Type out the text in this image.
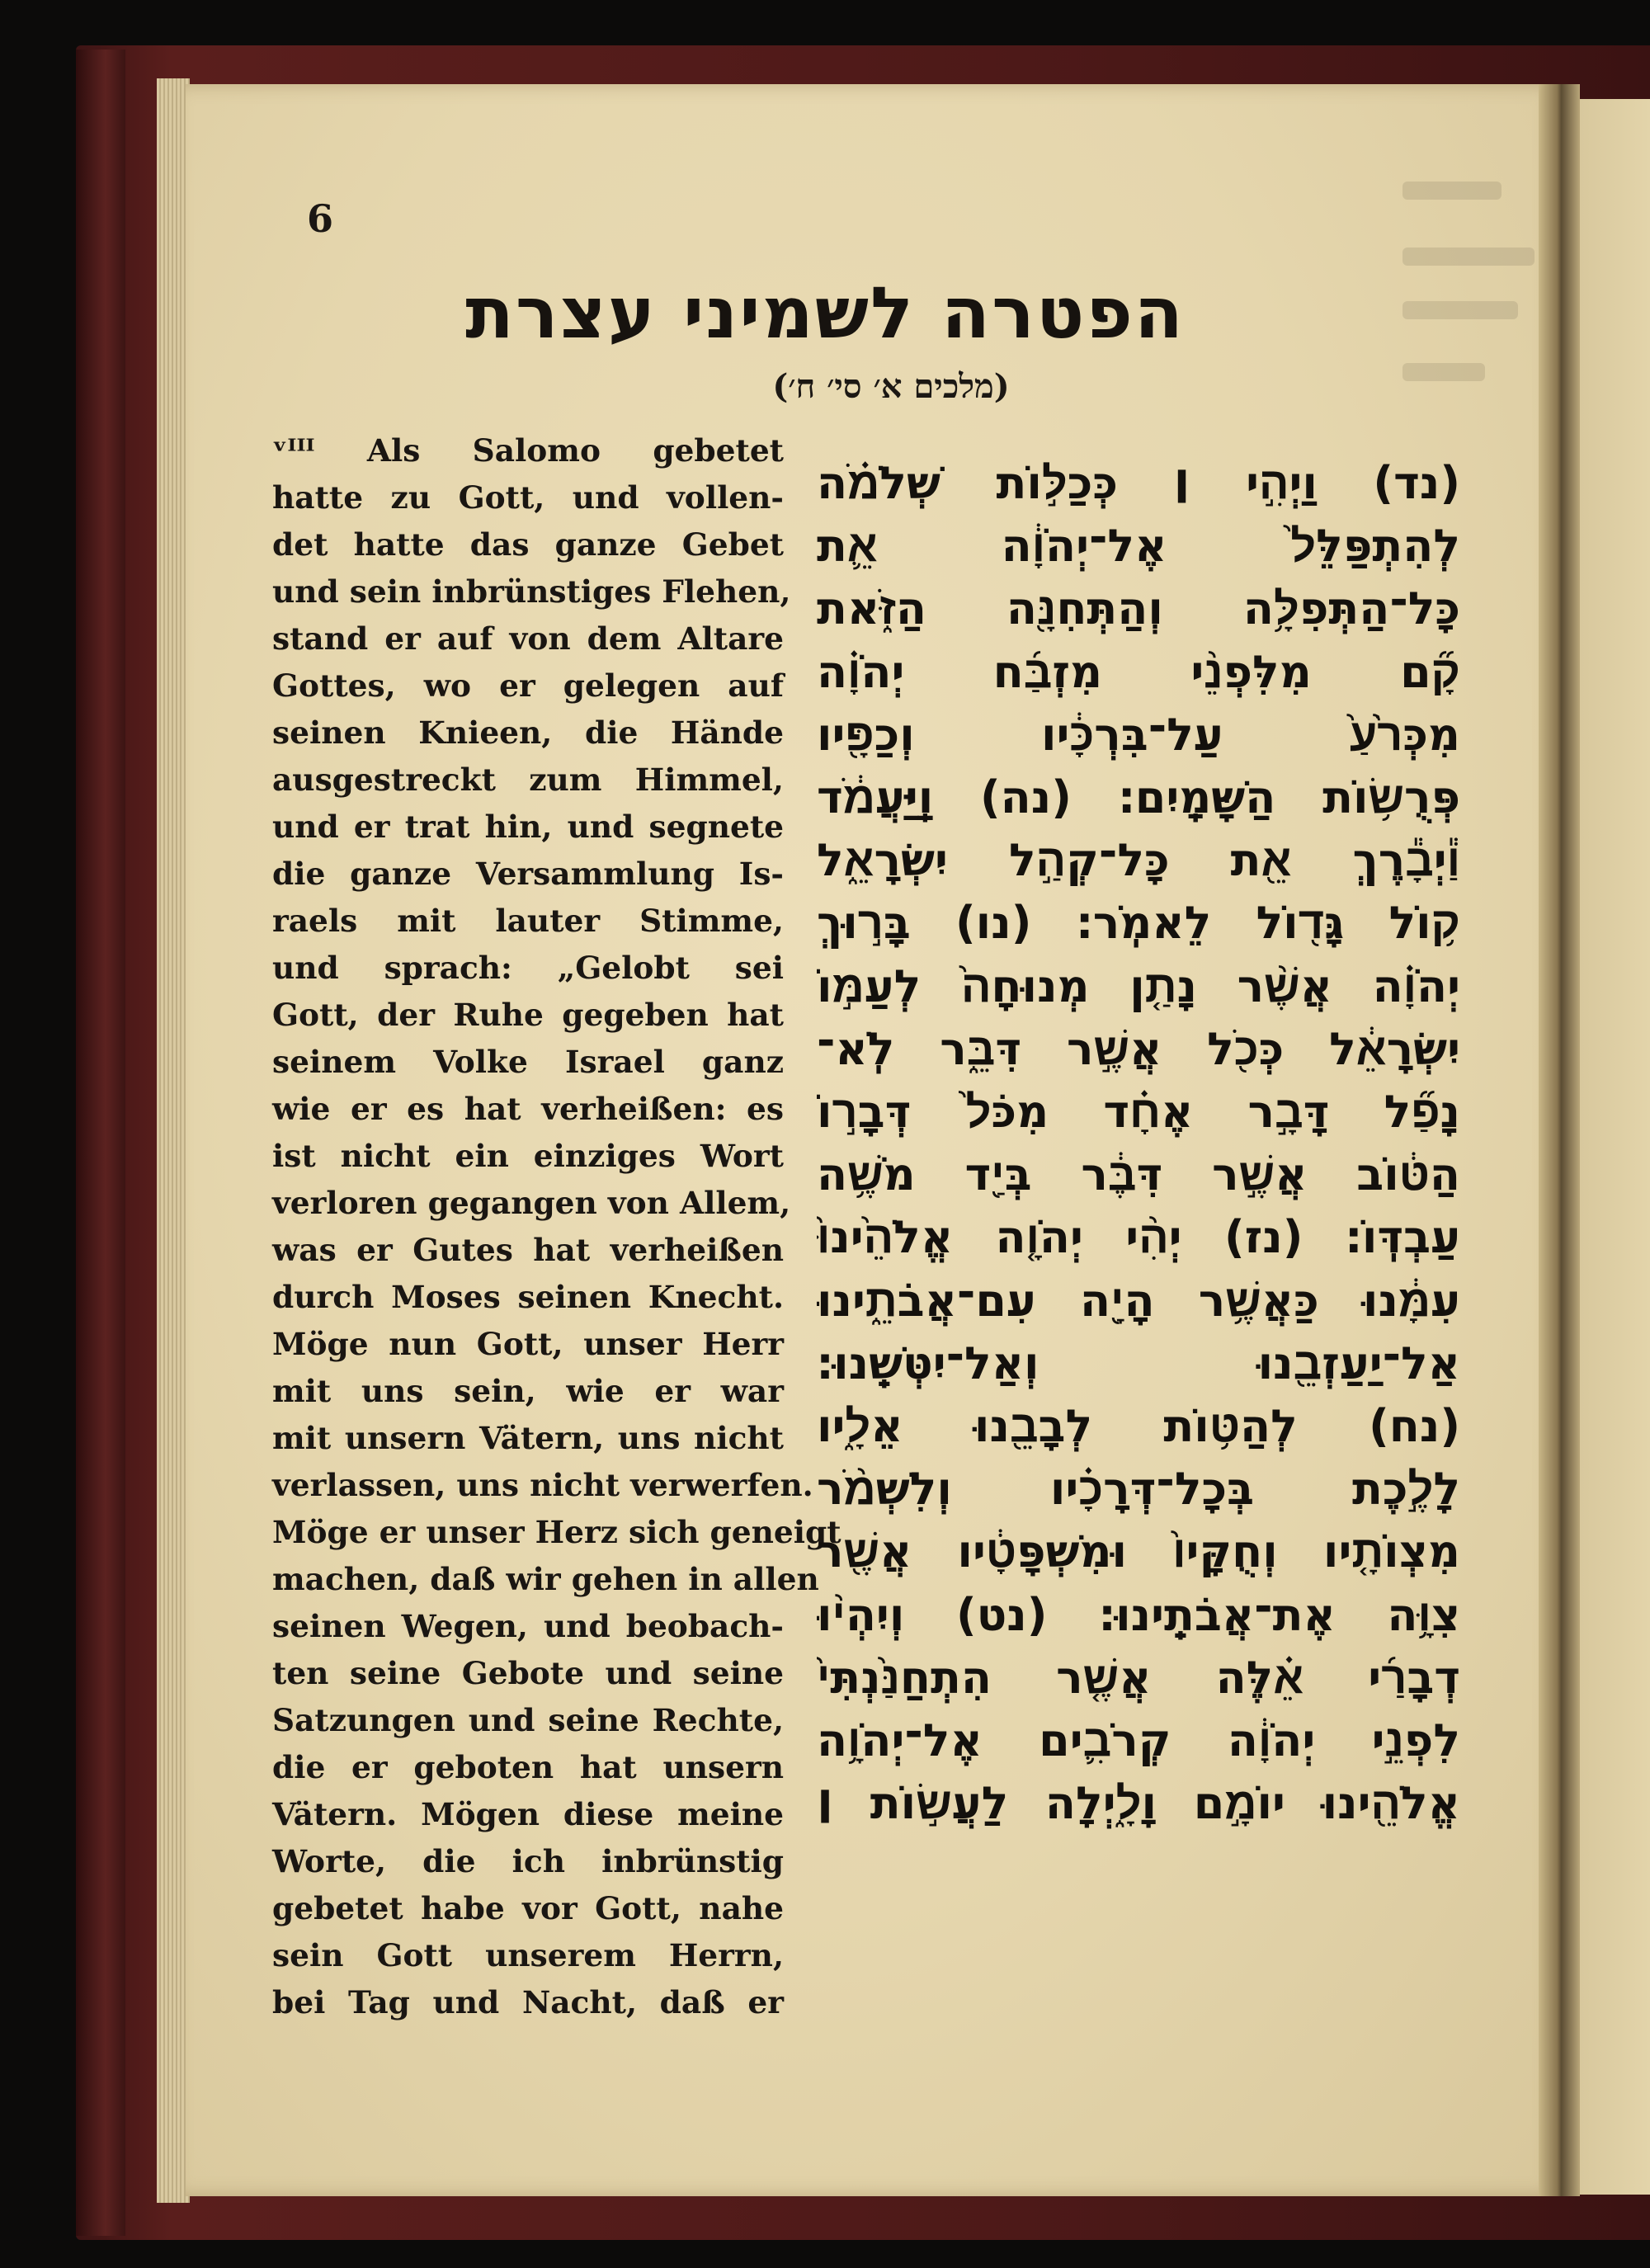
6
הפטרה לשמיני עצרת
(מלכים א׳ סי׳ ח׳)
ᵛᴵᴵᴵ Als Salomo gebetet
hatte zu Gott, und vollen-
det hatte das ganze Gebet
und sein inbrünstiges Flehen,
stand er auf von dem Altare
Gottes, wo er gelegen auf
seinen Knieen, die Hände
ausgestreckt zum Himmel,
und er trat hin, und segnete
die ganze Versammlung Is-
raels mit lauter Stimme,
und sprach: „Gelobt sei
Gott, der Ruhe gegeben hat
seinem Volke Israel ganz
wie er es hat verheißen: es
ist nicht ein einziges Wort
verloren gegangen von Allem,
was er Gutes hat verheißen
durch Moses seinen Knecht.
Möge nun Gott, unser Herr
mit uns sein, wie er war
mit unsern Vätern, uns nicht
verlassen, uns nicht verwerfen.
Möge er unser Herz sich geneigt
machen, daß wir gehen in allen
seinen Wegen, und beobach-
ten seine Gebote und seine
Satzungen und seine Rechte,
die er geboten hat unsern
Vätern. Mögen diese meine
Worte, die ich inbrünstig
gebetet habe vor Gott, nahe
sein Gott unserem Herrn,
bei Tag und Nacht, daß er
(נד) וַיְהִ֣י ׀ כְּכַלּ֣וֹת שְׁלֹמֹ֗ה
לְהִתְפַּלֵּל֙ אֶל־יְהֹוָ֔ה אֵ֛ת
כָּל־הַתְּפִלָּ֥ה וְהַתְּחִנָּ֖ה הַזֹּ֑את
קָ֞ם מִלִּפְנֵ֨י מִזְבַּ֜ח יְהֹוָ֗ה
מִכְּרֹ֙עַ֙ עַל־בִּרְכָּ֔יו וְכַפָּ֖יו
פְּרֻשׂ֥וֹת הַשָּׁמָֽיִם׃ (נה) וַֽיַּעֲמֹ֔ד
וַ֕יְבָ֕רֶךְ אֵ֖ת כָּל־קְהַ֣ל יִשְׂרָאֵ֑ל
ק֥וֹל גָּד֖וֹל לֵאמֹֽר׃ (נו) בָּר֣וּךְ
יְהֹוָ֗ה אֲשֶׁ֨ר נָתַ֤ן מְנוּחָה֙ לְעַמּ֣וֹ
יִשְׂרָאֵ֔ל כְּכֹ֖ל אֲשֶׁ֣ר דִּבֵּ֑ר לֹֽא־
נָפַ֞ל דָּבָ֣ר אֶחָ֗ד מִכֹּל֙ דְּבָר֣וֹ
הַטּ֔וֹב אֲשֶׁ֣ר דִּבֶּ֔ר בְּיַ֖ד מֹשֶׁ֥ה
עַבְדּֽוֹ׃ (נז) יְהִ֨י יְהֹוָ֤ה אֱלֹהֵ֙ינוּ֙
עִמָּ֔נוּ כַּאֲשֶׁ֥ר הָיָ֖ה עִם־אֲבֹתֵ֑ינוּ
אַל־יַעַזְבֵ֖נוּ וְאַל־יִטְּשֵֽׁנוּ׃
(נח) לְהַטּ֥וֹת לְבָבֵ֖נוּ אֵלָ֑יו
לָלֶ֣כֶת בְּכָל־דְּרָכָ֗יו וְלִשְׁמֹ֨ר
מִצְוֺתָ֤יו וְחֻקָּיו֙ וּמִשְׁפָּטָ֔יו אֲשֶׁ֖ר
צִוָּ֥ה אֶת־אֲבֹתֵֽינוּ׃ (נט) וְיִהְי֨וּ
דְבָרַ֜י אֵ֗לֶּה אֲשֶׁ֤ר הִתְחַנַּ֙נְתִּי֙
לִפְנֵ֣י יְהֹוָ֔ה קְרֹבִ֛ים אֶל־יְהֹוָ֥ה
אֱלֹהֵ֖ינוּ יוֹמָ֣ם וָלָ֑יְלָה לַעֲשׂ֣וֹת ׀
